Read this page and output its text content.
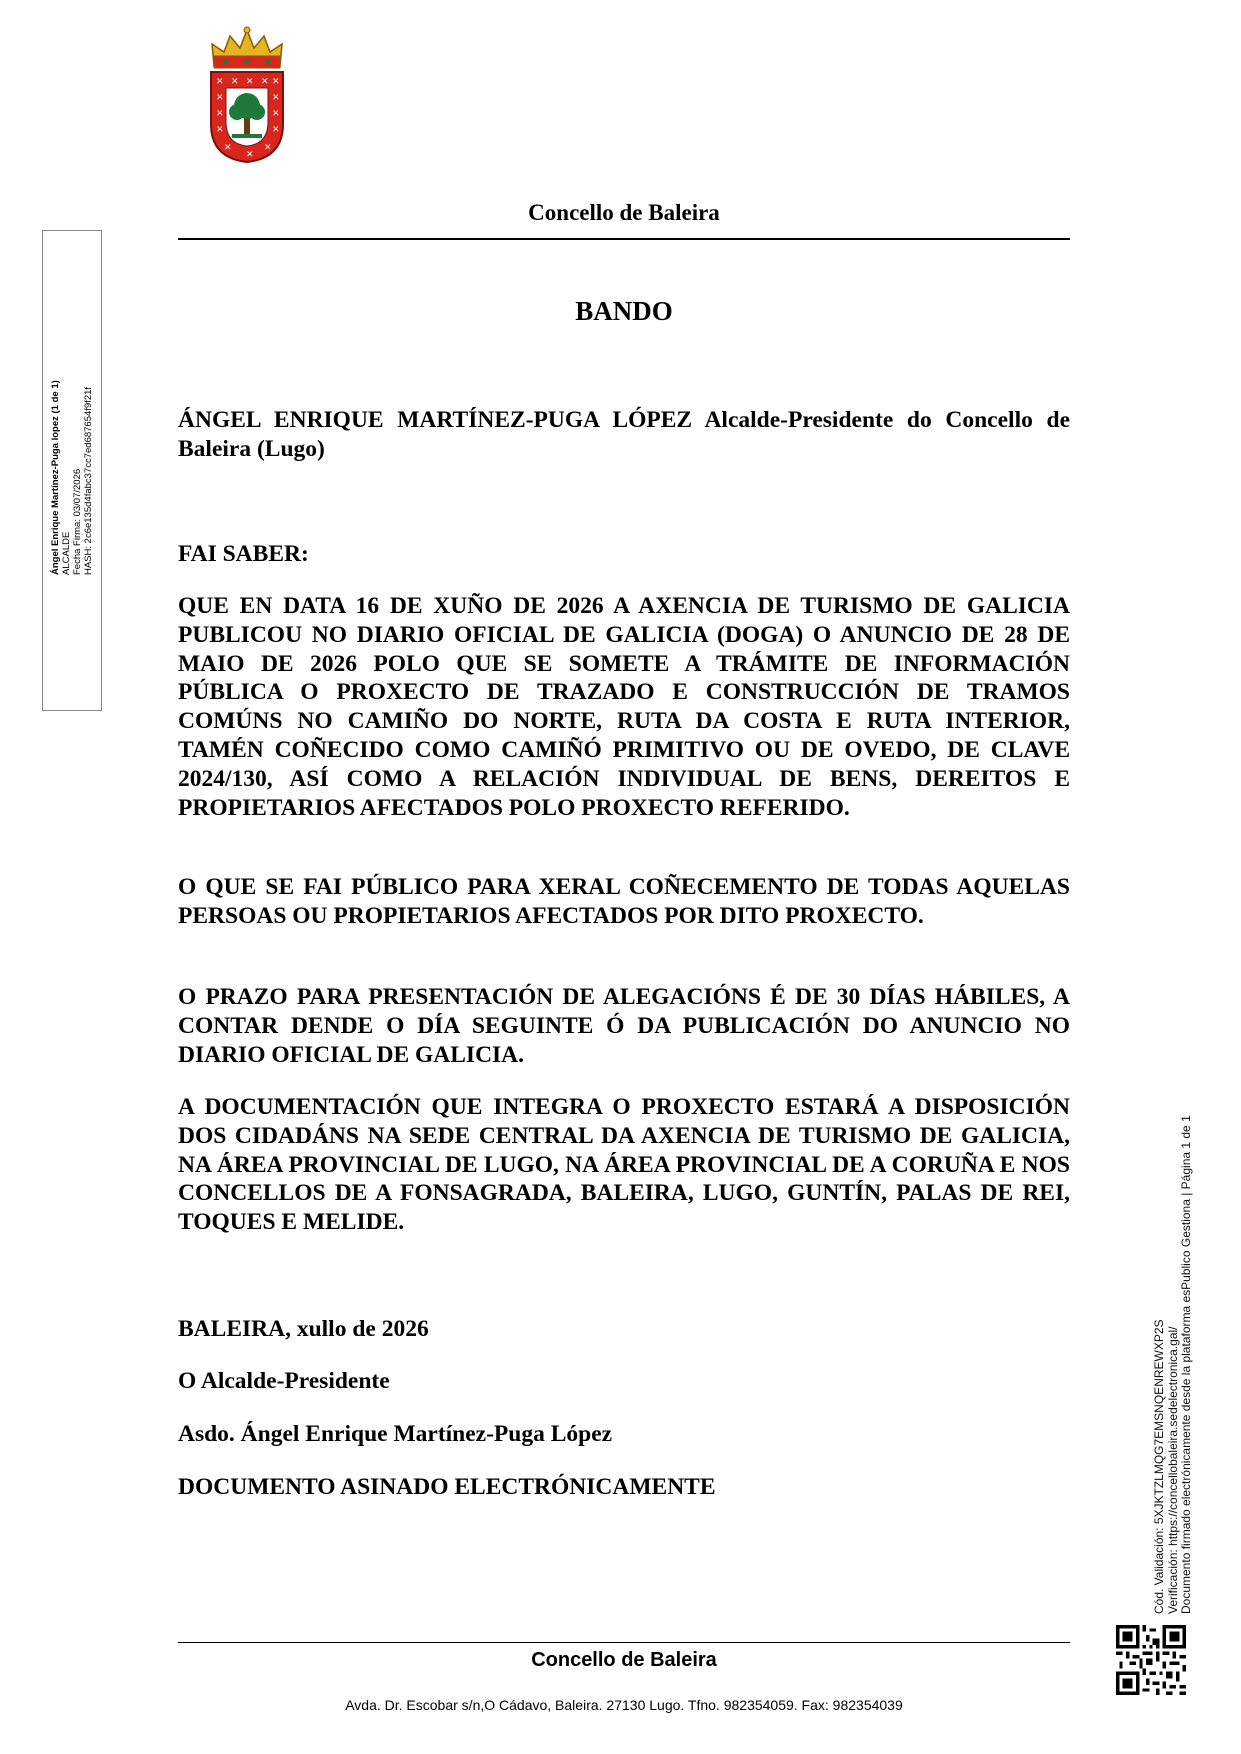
✕ ✕ ✕ ✕ ✕
✕	✕
✕	✕
✕	✕
✕
✕
✕
Concello de Baleira
BANDO

ÁNGEL ENRIQUE MARTÍNEZ-PUGA LÓPEZ Alcalde-Presidente do Concello de Baleira (Lugo)

FAI SABER:

QUE EN DATA 16 DE XUÑO DE 2026 A AXENCIA DE TURISMO DE GALICIA PUBLICOU NO DIARIO OFICIAL DE GALICIA (DOGA) O ANUNCIO DE 28 DE MAIO DE 2026 POLO QUE SE SOMETE A TRÁMITE DE INFORMACIÓN PÚBLICA O PROXECTO DE TRAZADO E CONSTRUCCIÓN DE TRAMOS COMÚNS NO CAMIÑO DO NORTE, RUTA DA COSTA E RUTA INTERIOR, TAMÉN COÑECIDO COMO CAMIÑÓ PRIMITIVO OU DE OVEDO, DE CLAVE 2024/130, ASÍ COMO A RELACIÓN INDIVIDUAL DE BENS, DEREITOS E PROPIETARIOS AFECTADOS POLO PROXECTO REFERIDO.

O QUE SE FAI PÚBLICO PARA XERAL COÑECEMENTO DE TODAS AQUELAS PERSOAS OU PROPIETARIOS AFECTADOS POR DITO PROXECTO.

O PRAZO PARA PRESENTACIÓN DE ALEGACIÓNS É DE 30 DÍAS HÁBILES, A CONTAR DENDE O DÍA SEGUINTE Ó DA PUBLICACIÓN DO ANUNCIO NO DIARIO OFICIAL DE GALICIA.

A DOCUMENTACIÓN QUE INTEGRA O PROXECTO ESTARÁ A DISPOSICIÓN DOS CIDADÁNS NA SEDE CENTRAL DA AXENCIA DE TURISMO DE GALICIA, NA ÁREA PROVINCIAL DE LUGO, NA ÁREA PROVINCIAL DE A CORUÑA E NOS CONCELLOS DE A FONSAGRADA, BALEIRA, LUGO, GUNTÍN, PALAS DE REI, TOQUES E MELIDE.

BALEIRA, xullo de 2026
O Alcalde-Presidente
Asdo. Ángel Enrique Martínez-Puga López
DOCUMENTO ASINADO ELECTRÓNICAMENTE
Concello de Baleira
Avda. Dr. Escobar s/n,O Cádavo, Baleira. 27130 Lugo. Tfno. 982354059. Fax: 982354039
Ángel Enrique Martínez-Puga lopez (1 de 1) ALCALDE Fecha Firma: 03/07/2026 HASH: 2c6e135d4fabc37cc7ed687654f9f21f
Cód. Validación: 5XJKTZLMQG7EMSNQENREWXP2S Verificación: https://concellobaleira.sedelectronica.gal/ Documento firmado electrónicamente desde la plataforma esPublico Gestiona | Página 1 de 1
